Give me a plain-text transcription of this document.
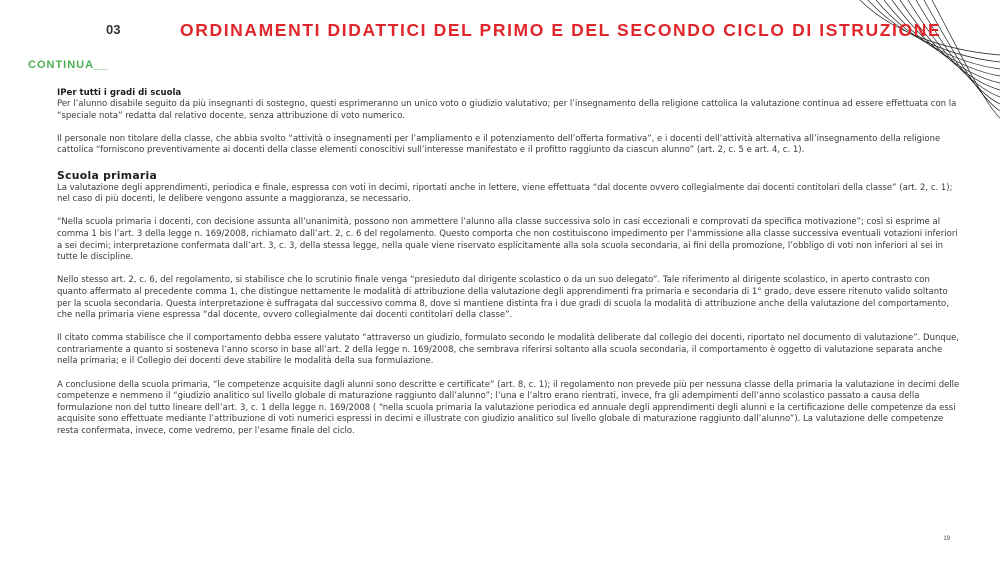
03	ORDINAMENTI DIDATTICI DEL PRIMO E DEL SECONDO CICLO DI ISTRUZIONE
CONTINUA__
IPer tutti i gradi di scuola

Per l’alunno disabile seguito da più insegnanti di sostegno, questi esprimeranno un unico voto o giudizio valutativo; per l’insegnamento della religione cattolica la valutazione continua ad essere effettuata con la “speciale nota” redatta dal relativo docente, senza attribuzione di voto numerico.

Il personale non titolare della classe, che abbia svolto “attività o insegnamenti per l’ampliamento e il potenziamento dell’offerta formativa”, e i docenti dell’attività alternativa all’insegnamento della religione cattolica “forniscono preventivamente ai docenti della classe elementi conoscitivi sull’interesse manifestato e il profitto raggiunto da ciascun alunno” (art. 2, c. 5 e art. 4, c. 1).

Scuola primaria

La valutazione degli apprendimenti, periodica e finale, espressa con voti in decimi, riportati anche in lettere, viene effettuata “dal docente ovvero collegialmente dai docenti contitolari della classe” (art. 2, c. 1); nel caso di più docenti, le delibere vengono assunte a maggioranza, se necessario.

“Nella scuola primaria i docenti, con decisione assunta all’unanimità, possono non ammettere l’alunno alla classe successiva solo in casi eccezionali e comprovati da specifica motivazione”; così si esprime al comma 1 bis l’art. 3 della legge n. 169/2008, richiamato dall’art. 2, c. 6 del regolamento. Questo comporta che non costituiscono impedimento per l’ammissione alla classe successiva eventuali votazioni inferiori a sei decimi; interpretazione confermata dall’art. 3, c. 3, della stessa legge, nella quale viene riservato esplicitamente alla sola scuola secondaria, ai fini della promozione, l’obbligo di voti non inferiori al sei in tutte le discipline.

Nello stesso art. 2, c. 6, del regolamento, si stabilisce che lo scrutinio finale venga “presieduto dal dirigente scolastico o da un suo delegato”. Tale riferimento al dirigente scolastico, in aperto contrasto con quanto affermato al precedente comma 1, che distingue nettamente le modalità di attribuzione della valutazione degli apprendimenti fra primaria e secondaria di 1° grado, deve essere ritenuto valido soltanto per la scuola secondaria. Questa interpretazione è suffragata dal successivo comma 8, dove si mantiene distinta fra i due gradi di scuola la modalità di attribuzione anche della valutazione del comportamento, che nella primaria viene espressa “dal docente, ovvero collegialmente dai docenti contitolari della classe”.

Il citato comma stabilisce che il comportamento debba essere valutato “attraverso un giudizio, formulato secondo le modalità deliberate dal collegio dei docenti, riportato nel documento di valutazione”. Dunque, contrariamente a quanto si sosteneva l’anno scorso in base all’art. 2 della legge n. 169/2008, che sembrava riferirsi soltanto alla scuola secondaria, il comportamento è oggetto di valutazione separata anche nella primaria; e il Collegio dei docenti deve stabilire le modalità della sua formulazione.

A conclusione della scuola primaria, “le competenze acquisite dagli alunni sono descritte e certificate” (art. 8, c. 1); il regolamento non prevede più per nessuna classe della primaria la valutazione in decimi delle competenze e nemmeno il “giudizio analitico sul livello globale di maturazione raggiunto dall’alunno”; l’una e l’altro erano rientrati, invece, fra gli adempimenti dell’anno scolastico passato a causa della formulazione non del tutto lineare dell’art. 3, c. 1 della legge n. 169/2008 ( “nella scuola primaria la valutazione periodica ed annuale degli apprendimenti degli alunni e la certificazione delle competenze da essi acquisite sono effettuate mediante l’attribuzione di voti numerici espressi in decimi e illustrate con giudizio analitico sul livello globale di maturazione raggiunto dall’alunno”). La valutazione delle competenze resta confermata, invece, come vedremo, per l’esame finale del ciclo.

19
